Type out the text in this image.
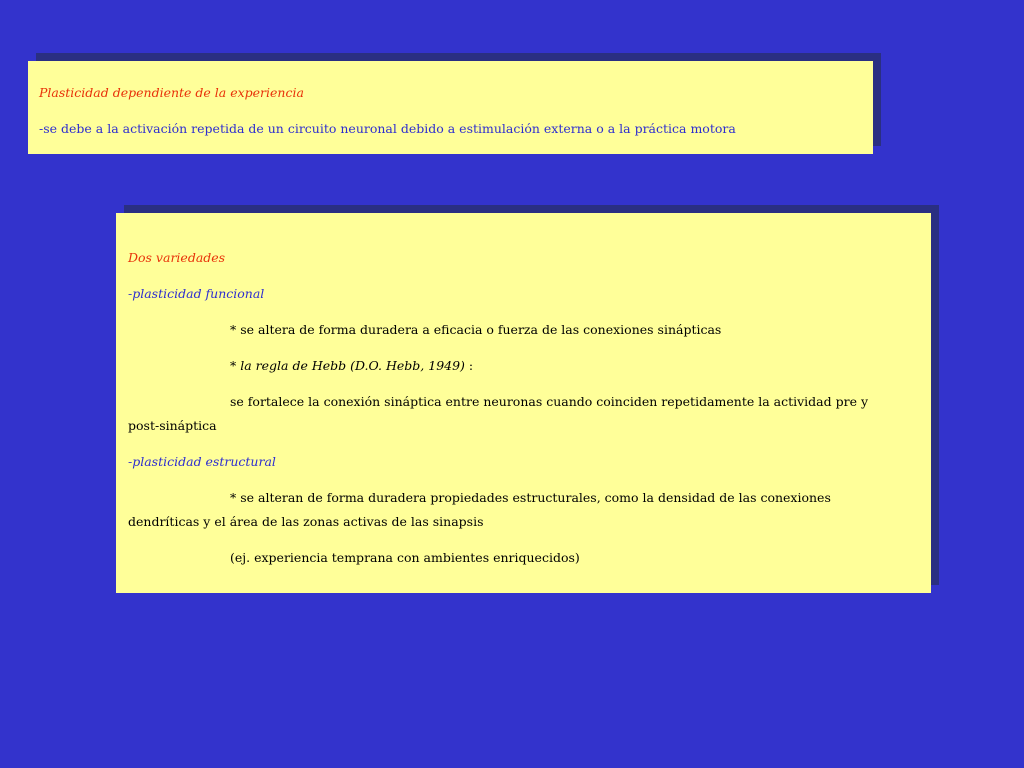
Plasticidad dependiente de la experiencia

-se debe a la activación repetida de un circuito neuronal debido a estimulación externa o a la práctica motora

Dos variedades

-plasticidad funcional

* se altera de forma duradera a eficacia o fuerza de las conexiones sinápticas

* la regla de Hebb (D.O. Hebb, 1949) :

se fortalece la conexión sináptica entre neuronas cuando coinciden repetidamente la actividad pre y post-sináptica

-plasticidad estructural

* se alteran de forma duradera propiedades estructurales, como la densidad de las conexiones dendríticas y el área de las zonas activas de las sinapsis

(ej. experiencia temprana con ambientes enriquecidos)
